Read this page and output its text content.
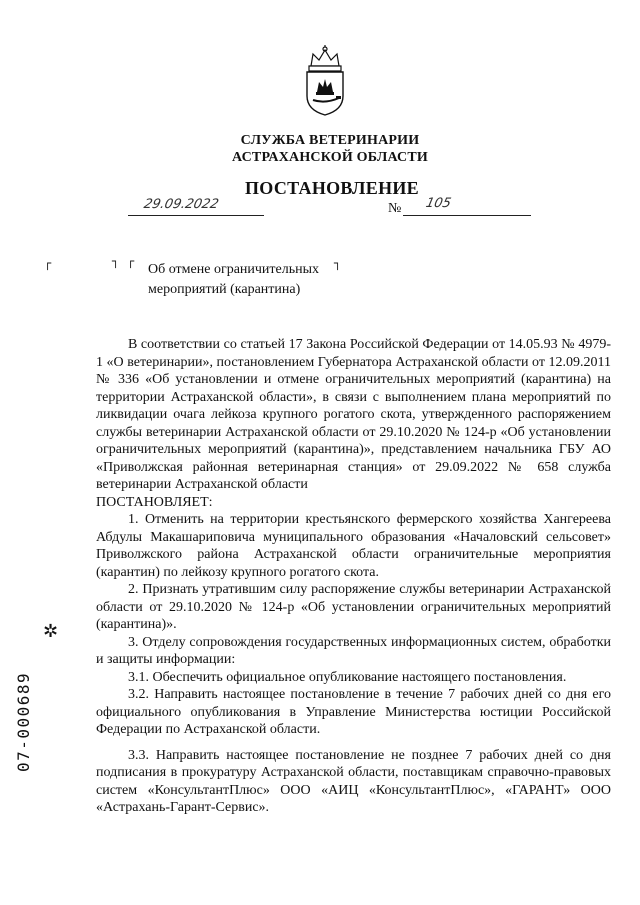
СЛУЖБА ВЕТЕРИНАРИИ
АСТРАХАНСКОЙ ОБЛАСТИ
ПОСТАНОВЛЕНИЕ
29.09.2022	№ 105
┌	┐ ┌	┐
Об отмене ограничительных
мероприятий (карантина)

В соответствии со статьей 17 Закона Российской Федерации от 14.05.93 № 4979-1 «О ветеринарии», постановлением Губернатора Астраханской области от 12.09.2011 № 336 «Об установлении и отмене ограничительных мероприятий (карантина) на территории Астраханской области», в связи с выполнением плана мероприятий по ликвидации очага лейкоза крупного рогатого скота, утвержденного распоряжением службы ветеринарии Астраханской области от 29.10.2020 № 124-р «Об установлении ограничительных мероприятий (карантина)», представлением начальника ГБУ АО «Приволжская районная ветеринарная станция» от 29.09.2022 № 658 служба ветеринарии Астраханской области

ПОСТАНОВЛЯЕТ:

1. Отменить на территории крестьянского фермерского хозяйства Хангереева Абдулы Макашариповича муниципального образования «Началовский сельсовет» Приволжского района Астраханской области ограничительные мероприятия (карантин) по лейкозу крупного рогатого скота.

2. Признать утратившим силу распоряжение службы ветеринарии Астраханской области от 29.10.2020 № 124-р «Об установлении ограничительных мероприятий (карантина)».

3. Отделу сопровождения государственных информационных систем, обработки и защиты информации:

3.1. Обеспечить официальное опубликование настоящего постановления.

3.2. Направить настоящее постановление в течение 7 рабочих дней со дня его официального опубликования в Управление Министерства юстиции Российской Федерации по Астраханской области.

3.3. Направить настоящее постановление не позднее 7 рабочих дней со дня подписания в прокуратуру Астраханской области, поставщикам справочно-правовых систем «КонсультантПлюс» ООО «АИЦ «КонсультантПлюс», «ГАРАНТ» ООО «Астрахань-Гарант-Сервис».

✲
07-000689
